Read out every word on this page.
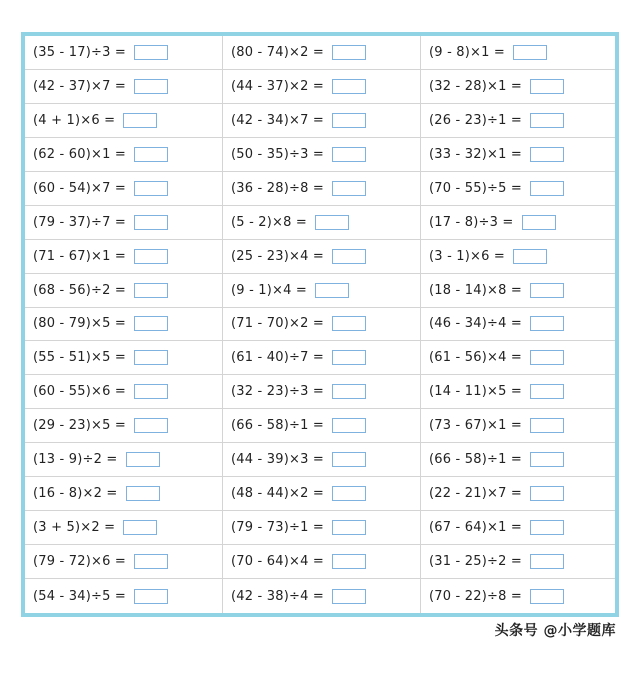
(35 - 17)÷3 =	(80 - 74)×2 =	(9 - 8)×1 =
(42 - 37)×7 =	(44 - 37)×2 =	(32 - 28)×1 =
(4 + 1)×6 =	(42 - 34)×7 =	(26 - 23)÷1 =
(62 - 60)×1 =	(50 - 35)÷3 =	(33 - 32)×1 =
(60 - 54)×7 =	(36 - 28)÷8 =	(70 - 55)÷5 =
(79 - 37)÷7 =	(5 - 2)×8 =	(17 - 8)÷3 =
(71 - 67)×1 =	(25 - 23)×4 =	(3 - 1)×6 =
(68 - 56)÷2 =	(9 - 1)×4 =	(18 - 14)×8 =
(80 - 79)×5 =	(71 - 70)×2 =	(46 - 34)÷4 =
(55 - 51)×5 =	(61 - 40)÷7 =	(61 - 56)×4 =
(60 - 55)×6 =	(32 - 23)÷3 =	(14 - 11)×5 =
(29 - 23)×5 =	(66 - 58)÷1 =	(73 - 67)×1 =
(13 - 9)÷2 =	(44 - 39)×3 =	(66 - 58)÷1 =
(16 - 8)×2 =	(48 - 44)×2 =	(22 - 21)×7 =
(3 + 5)×2 =	(79 - 73)÷1 =	(67 - 64)×1 =
(79 - 72)×6 =	(70 - 64)×4 =	(31 - 25)÷2 =
(54 - 34)÷5 =	(42 - 38)÷4 =	(70 - 22)÷8 =
头条号 @小学题库
